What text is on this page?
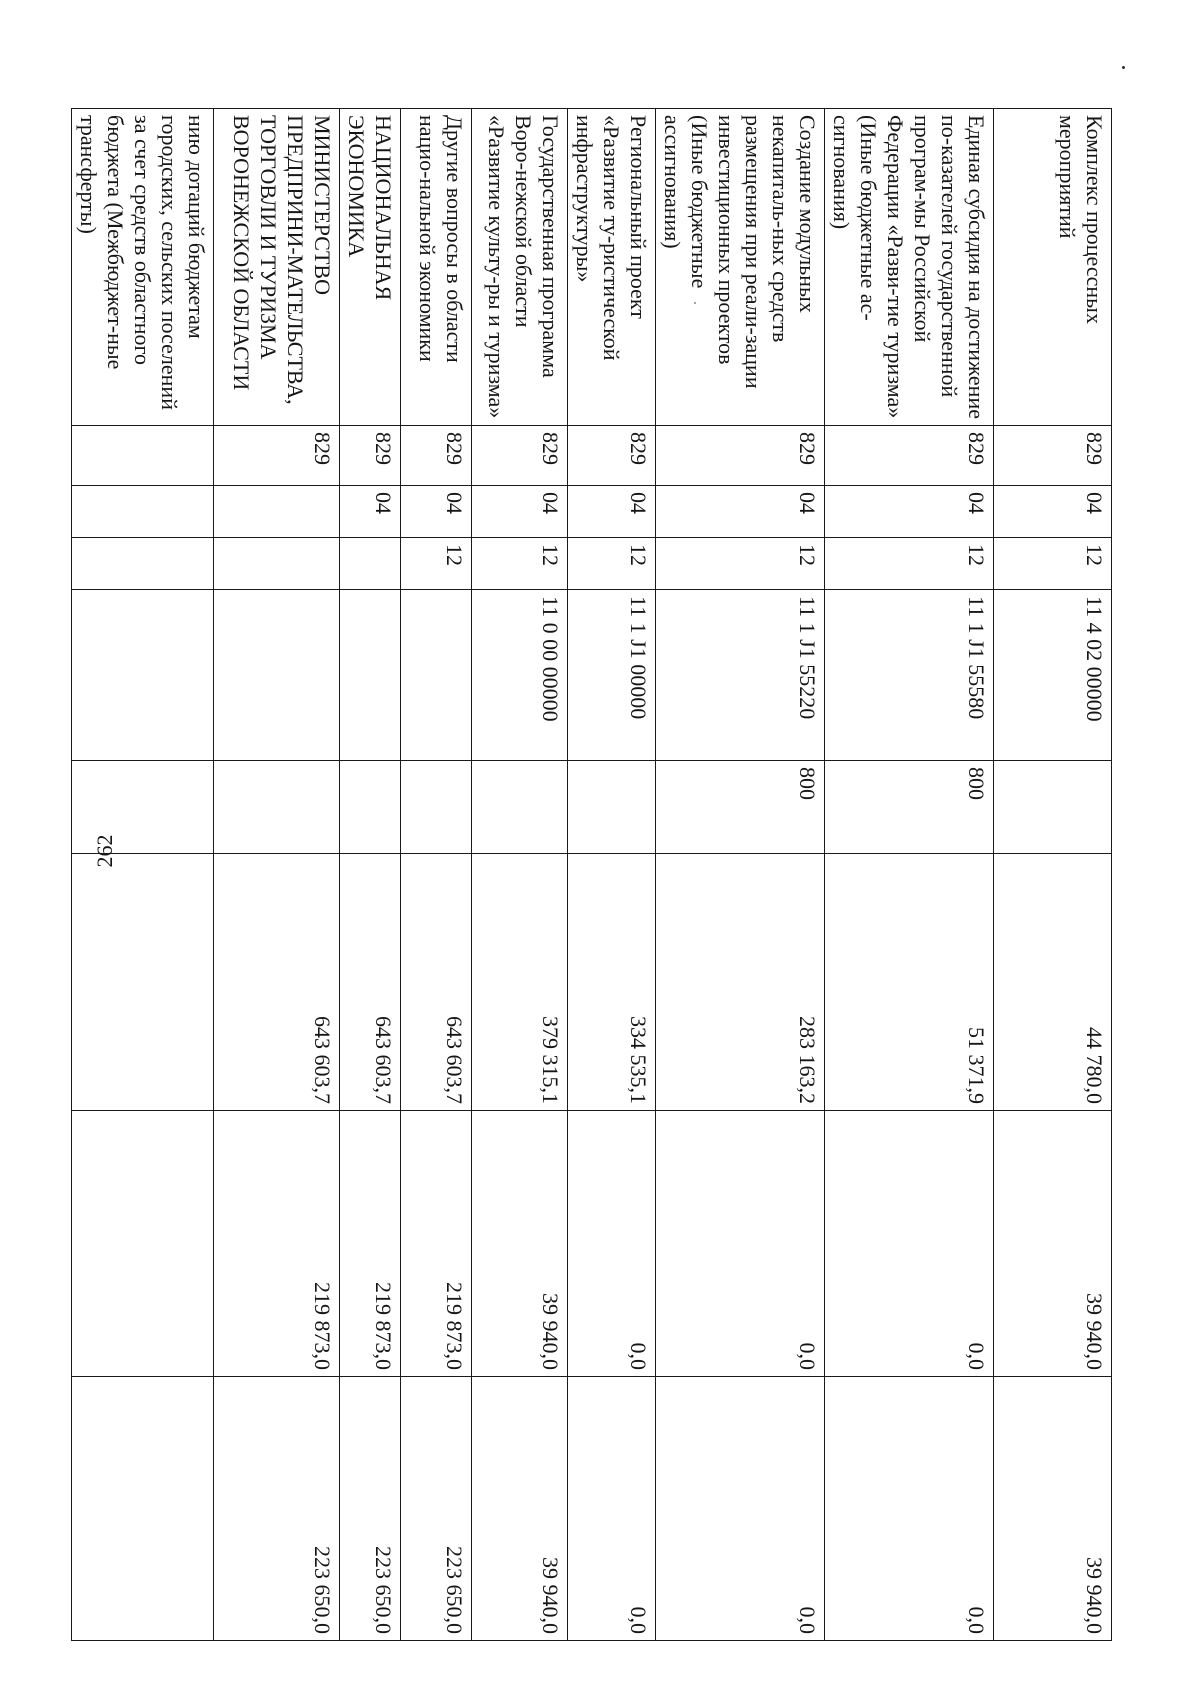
262
Комплекс процессных мероприятий	829	04	12	11 4 02 00000		44 780,0	39 940,0	39 940,0
Единая субсидия на достижение по-казателей государственной програм-мы Российской Федерации «Разви-тие туризма» (Иные бюджетные ас-сигнования)	829	04	12	11 1 J1 55580	800	51 371,9	0,0	0,0
Создание модульных некапиталь-ных средств размещения при реали-зации инвестиционных проектов (Иные бюджетные ассигнования)	829	04	12	11 1 J1 55220	800	283 163,2	0,0	0,0
Региональный проект «Развитие ту-ристической инфраструктуры»	829	04	12	11 1 J1 00000		334 535,1	0,0	0,0
Государственная программа Воро-нежской области «Развитие культу-ры и туризма»	829	04	12	11 0 00 00000		379 315,1	39 940,0	39 940,0
Другие вопросы в области нацио-нальной экономики	829	04	12			643 603,7	219 873,0	223 650,0
НАЦИОНАЛЬНАЯ ЭКОНОМИКА	829	04				643 603,7	219 873,0	223 650,0
МИНИСТЕРСТВО ПРЕДПРИНИ-МАТЕЛЬСТВА, ТОРГОВЛИ И ТУРИЗМА ВОРОНЕЖСКОЙ ОБЛАСТИ	829					643 603,7	219 873,0	223 650,0
нию дотаций бюджетам городских, сельских поселений за счет средств областного бюджета (Межбюджет-ные трансферты)								
